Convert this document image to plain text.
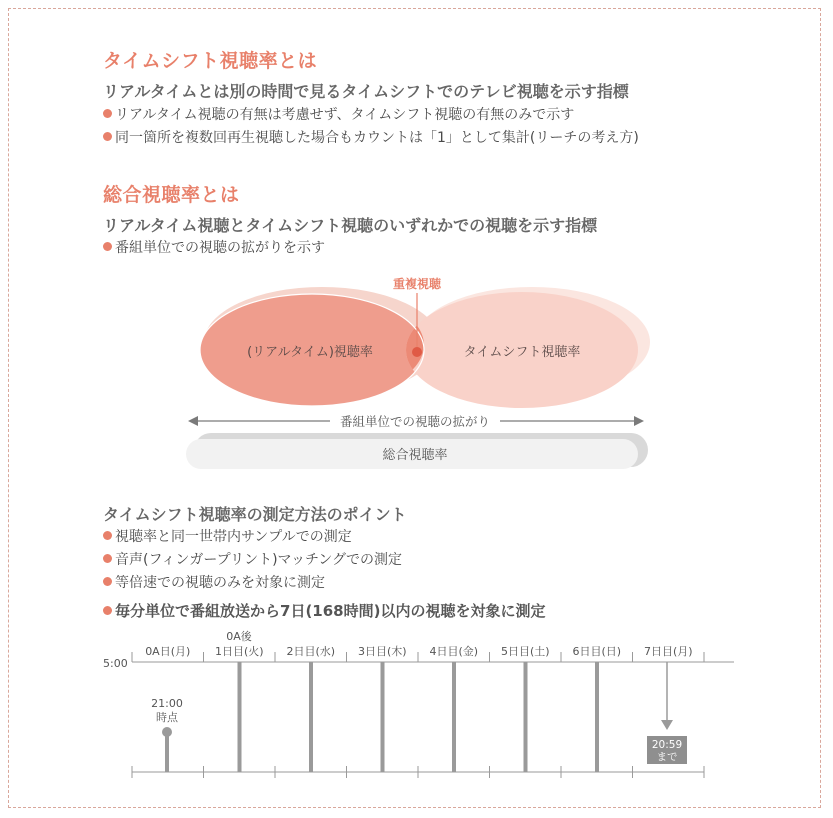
タイムシフト視聴率とは
リアルタイムとは別の時間で見るタイムシフトでのテレビ視聴を示す指標
リアルタイム視聴の有無は考慮せず、タイムシフト視聴の有無のみで示す
同一箇所を複数回再生視聴した場合もカウントは「1」として集計(リーチの考え方)
総合視聴率とは
リアルタイム視聴とタイムシフト視聴のいずれかでの視聴を示す指標
番組単位での視聴の拡がりを示す
重複視聴
(リアルタイム)視聴率	タイムシフト視聴率
番組単位での視聴の拡がり
総合視聴率
タイムシフト視聴率の測定方法のポイント
視聴率と同一世帯内サンプルでの測定
音声(フィンガープリント)マッチングでの測定
等倍速での視聴のみを対象に測定
毎分単位で番組放送から7日(168時間)以内の視聴を対象に測定
5:00
0A日(月) 1日目(火) 2日目(水) 3日目(木) 4日目(金) 5日目(土) 6日目(日) 7日目(月)
0A後
21:00
時点
20:59
まで
